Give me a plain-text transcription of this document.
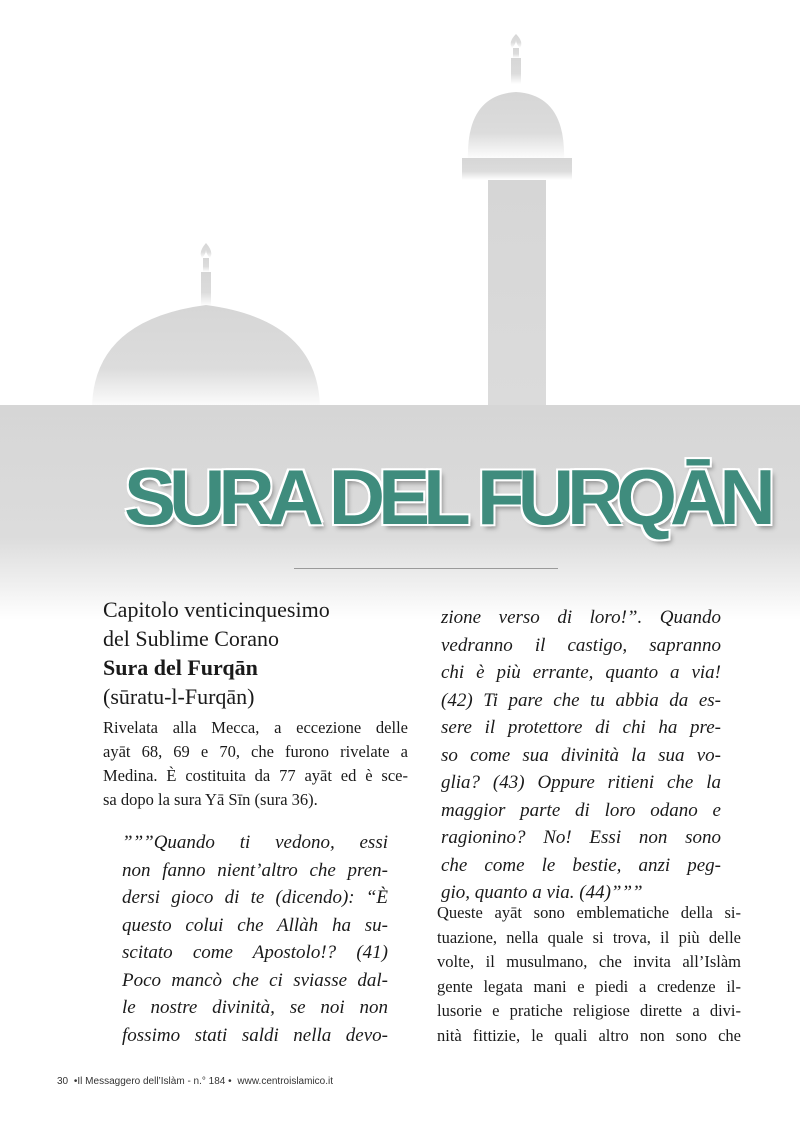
SURA DEL FURQĀN
Capitolo venticinquesimo
del Sublime Corano
Sura del Furqān
(sūratu-l-Furqān)
Rivelata alla Mecca, a eccezione delle
ayāt 68, 69 e 70, che furono rivelate a
Medina. È costituita da 77 ayāt ed è sce-
sa dopo la sura Yā Sīn (sura 36).
”””Quando ti vedono, essi
non fanno nient’altro che pren-
dersi gioco di te (dicendo): “È
questo colui che Allàh ha su-
scitato come Apostolo!? (41)
Poco mancò che ci sviasse dal-
le nostre divinità, se noi non
fossimo stati saldi nella devo-
zione verso di loro!”. Quando
vedranno il castigo, sapranno
chi è più errante, quanto a via!
(42) Ti pare che tu abbia da es-
sere il protettore di chi ha pre-
so come sua divinità la sua vo-
glia? (43) Oppure ritieni che la
maggior parte di loro odano e
ragionino? No! Essi non sono
che come le bestie, anzi peg-
gio, quanto a via. (44)”””
Queste ayāt sono emblematiche della si-
tuazione, nella quale si trova, il più delle
volte, il musulmano, che invita all’Islàm
gente legata mani e piedi a credenze il-
lusorie e pratiche religiose dirette a divi-
nità fittizie, le quali altro non sono che
30 •Il Messaggero dell’Islàm - n.° 184 • www.centroislamico.it
